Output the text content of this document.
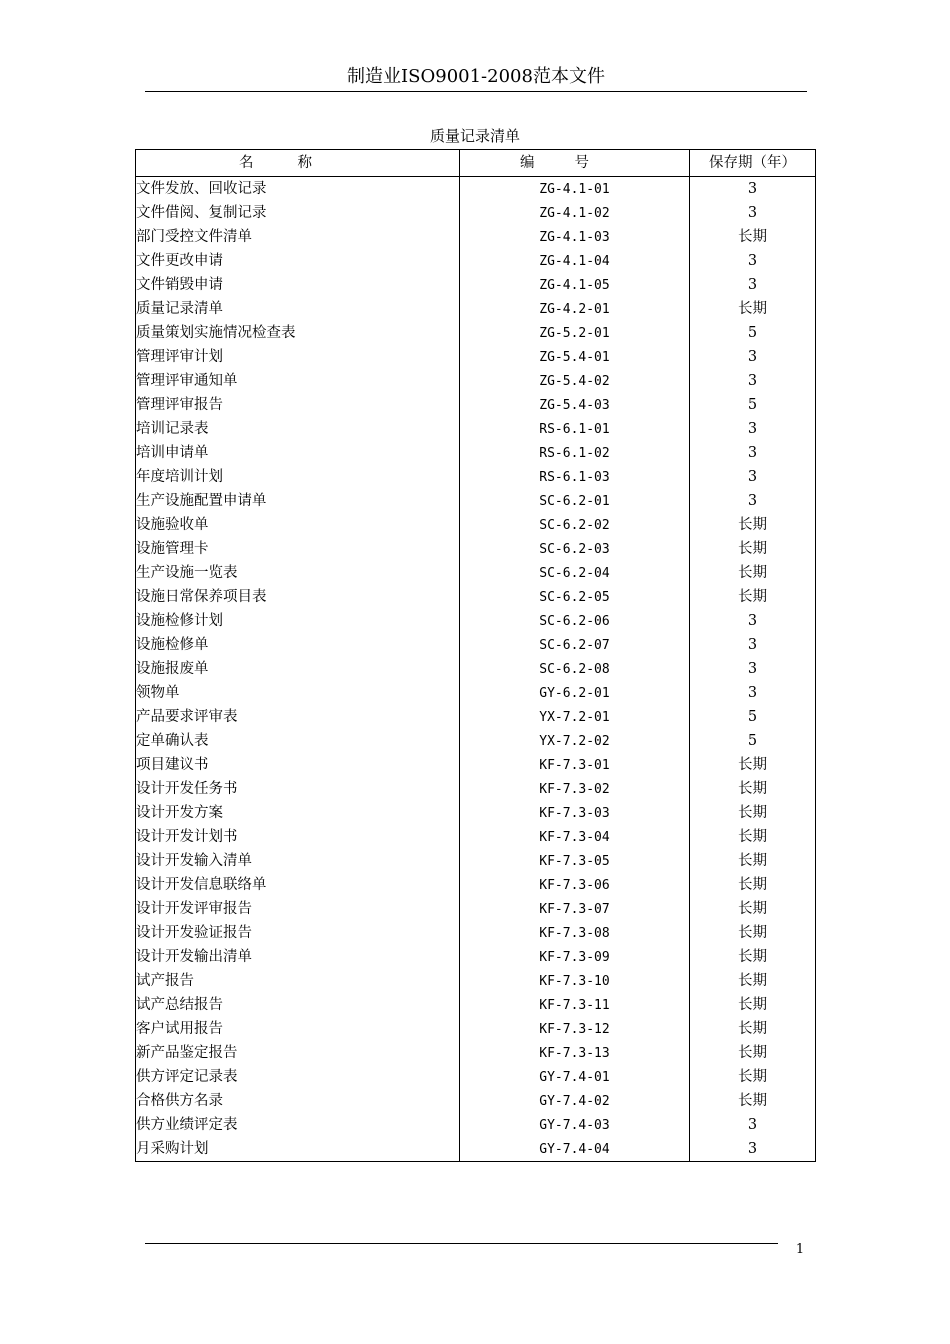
制造业ISO9001-2008范本文件
质量记录清单
名称	编号	保存期（年）
文件发放、回收记录	ZG-4.1-01	3
文件借阅、复制记录	ZG-4.1-02	3
部门受控文件清单	ZG-4.1-03	长期
文件更改申请	ZG-4.1-04	3
文件销毁申请	ZG-4.1-05	3
质量记录清单	ZG-4.2-01	长期
质量策划实施情况检查表	ZG-5.2-01	5
管理评审计划	ZG-5.4-01	3
管理评审通知单	ZG-5.4-02	3
管理评审报告	ZG-5.4-03	5
培训记录表	RS-6.1-01	3
培训申请单	RS-6.1-02	3
年度培训计划	RS-6.1-03	3
生产设施配置申请单	SC-6.2-01	3
设施验收单	SC-6.2-02	长期
设施管理卡	SC-6.2-03	长期
生产设施一览表	SC-6.2-04	长期
设施日常保养项目表	SC-6.2-05	长期
设施检修计划	SC-6.2-06	3
设施检修单	SC-6.2-07	3
设施报废单	SC-6.2-08	3
领物单	GY-6.2-01	3
产品要求评审表	YX-7.2-01	5
定单确认表	YX-7.2-02	5
项目建议书	KF-7.3-01	长期
设计开发任务书	KF-7.3-02	长期
设计开发方案	KF-7.3-03	长期
设计开发计划书	KF-7.3-04	长期
设计开发输入清单	KF-7.3-05	长期
设计开发信息联络单	KF-7.3-06	长期
设计开发评审报告	KF-7.3-07	长期
设计开发验证报告	KF-7.3-08	长期
设计开发输出清单	KF-7.3-09	长期
试产报告	KF-7.3-10	长期
试产总结报告	KF-7.3-11	长期
客户试用报告	KF-7.3-12	长期
新产品鉴定报告	KF-7.3-13	长期
供方评定记录表	GY-7.4-01	长期
合格供方名录	GY-7.4-02	长期
供方业绩评定表	GY-7.4-03	3
月采购计划	GY-7.4-04	3
1
